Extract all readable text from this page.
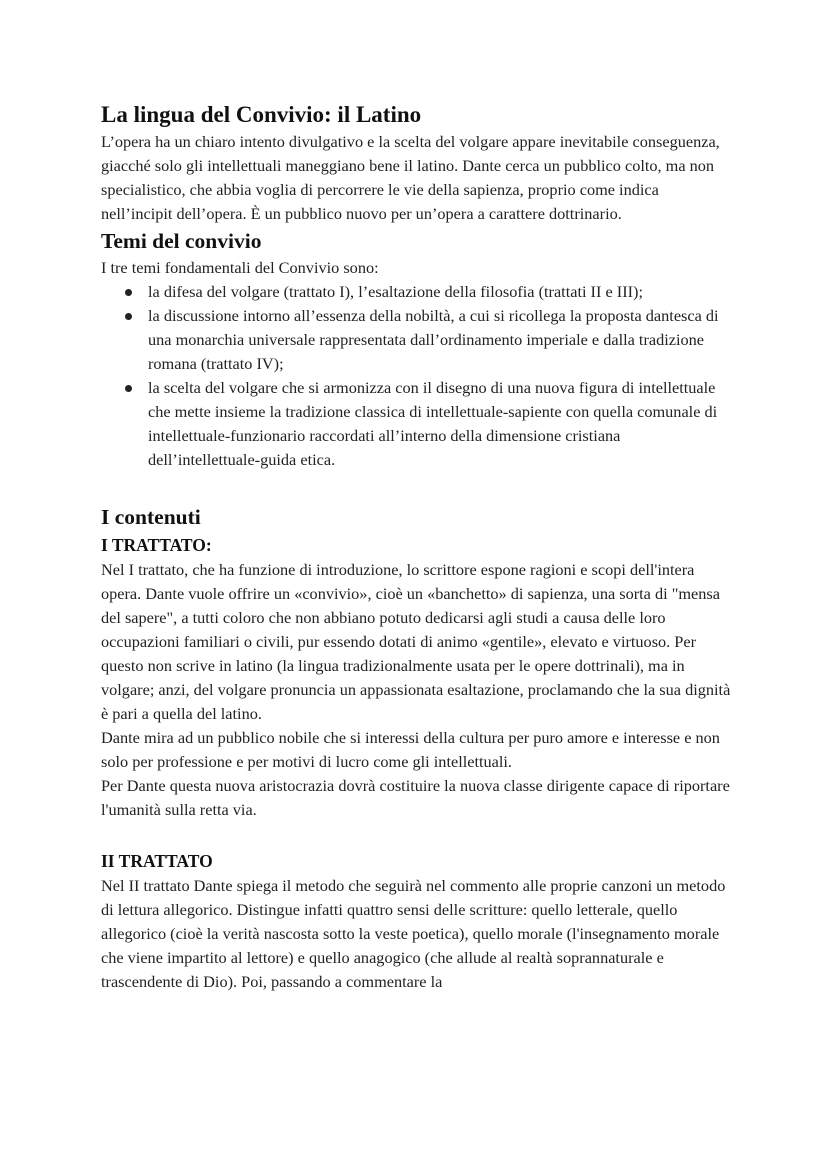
La lingua del Convivio: il Latino

L’opera ha un chiaro intento divulgativo e la scelta del volgare appare inevitabile conseguenza, giacché solo gli intellettuali maneggiano bene il latino. Dante cerca un pubblico colto, ma non specialistico, che abbia voglia di percorrere le vie della sapienza, proprio come indica nell’incipit dell’opera. È un pubblico nuovo per un’opera a carattere dottrinario.

Temi del convivio

I tre temi fondamentali del Convivio sono:

la difesa del volgare (trattato I), l’esaltazione della filosofia (trattati II e III);
la discussione intorno all’essenza della nobiltà, a cui si ricollega la proposta dantesca di una monarchia universale rappresentata dall’ordinamento imperiale e dalla tradizione romana (trattato IV);
la scelta del volgare che si armonizza con il disegno di una nuova figura di intellettuale che mette insieme la tradizione classica di intellettuale-sapiente con quella comunale di intellettuale-funzionario raccordati all’interno della dimensione cristiana dell’intellettuale-guida etica.
I contenuti
I TRATTATO:

Nel I trattato, che ha funzione di introduzione, lo scrittore espone ragioni e scopi dell'intera opera. Dante vuole offrire un «convivio», cioè un «banchetto» di sapienza, una sorta di "mensa del sapere", a tutti coloro che non abbiano potuto dedicarsi agli studi a causa delle loro occupazioni familiari o civili, pur essendo dotati di animo «gentile», elevato e virtuoso. Per questo non scrive in latino (la lingua tradizionalmente usata per le opere dottrinali), ma in volgare; anzi, del volgare pronuncia un appassionata esaltazione, proclamando che la sua dignità è pari a quella del latino.

Dante mira ad un pubblico nobile che si interessi della cultura per puro amore e interesse e non solo per professione e per motivi di lucro come gli intellettuali.

Per Dante questa nuova aristocrazia dovrà costituire la nuova classe dirigente capace di riportare l'umanità sulla retta via.

II TRATTATO

Nel II trattato Dante spiega il metodo che seguirà nel commento alle proprie canzoni un metodo di lettura allegorico. Distingue infatti quattro sensi delle scritture: quello letterale, quello allegorico (cioè la verità nascosta sotto la veste poetica), quello morale (l'insegnamento morale che viene impartito al lettore) e quello anagogico (che allude al realtà soprannaturale e trascendente di Dio). Poi, passando a commentare la
